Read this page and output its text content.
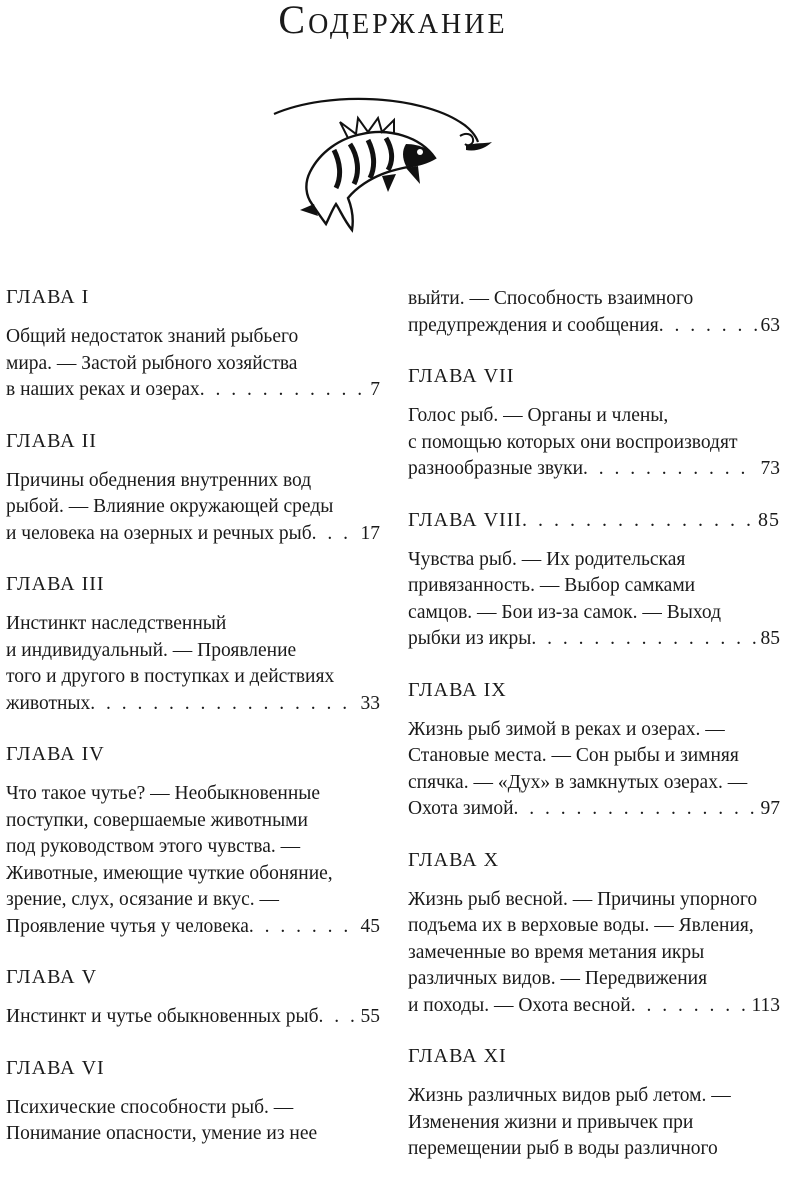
Содержание
ГЛАВА I
Общий недостаток знаний рыбьего
мира. — Застой рыбного хозяйства
в наших реках и озерах . . .	7
ГЛАВА II
Причины обеднения внутренних вод
рыбой. — Влияние окружающей среды
и человека на озерных и речных рыб . . .	17
ГЛАВА III
Инстинкт наследственный
и индивидуальный. — Проявление
того и другого в поступках и действиях
животных . . .	33
ГЛАВА IV
Что такое чутье? — Необыкновенные
поступки, совершаемые животными
под руководством этого чувства. —
Животные, имеющие чуткие обоняние,
зрение, слух, осязание и вкус. —
Проявление чутья у человека . . .	45
ГЛАВА V
Инстинкт и чутье обыкновенных рыб . . . 55
ГЛАВА VI
Психические способности рыб. —
Понимание опасности, умение из нее
выйти. — Способность взаимного
предупреждения и сообщения . . .	63
ГЛАВА VII
Голос рыб. — Органы и члены,
с помощью которых они воспроизводят
разнообразные звуки . . .	73
ГЛАВА VIII . . .	85
Чувства рыб. — Их родительская
привязанность. — Выбор самками
самцов. — Бои из-за самок. — Выход
рыбки из икры . . .	85
ГЛАВА IX
Жизнь рыб зимой в реках и озерах. —
Становые места. — Сон рыбы и зимняя
спячка. — «Дух» в замкнутых озерах. —
Охота зимой . . .	97
ГЛАВА X
Жизнь рыб весной. — Причины упорного
подъема их в верховые воды. — Явления,
замеченные во время метания икры
различных видов. — Передвижения
и походы. — Охота весной . . .	113
ГЛАВА XI
Жизнь различных видов рыб летом. —
Изменения жизни и привычек при
перемещении рыб в воды различного
